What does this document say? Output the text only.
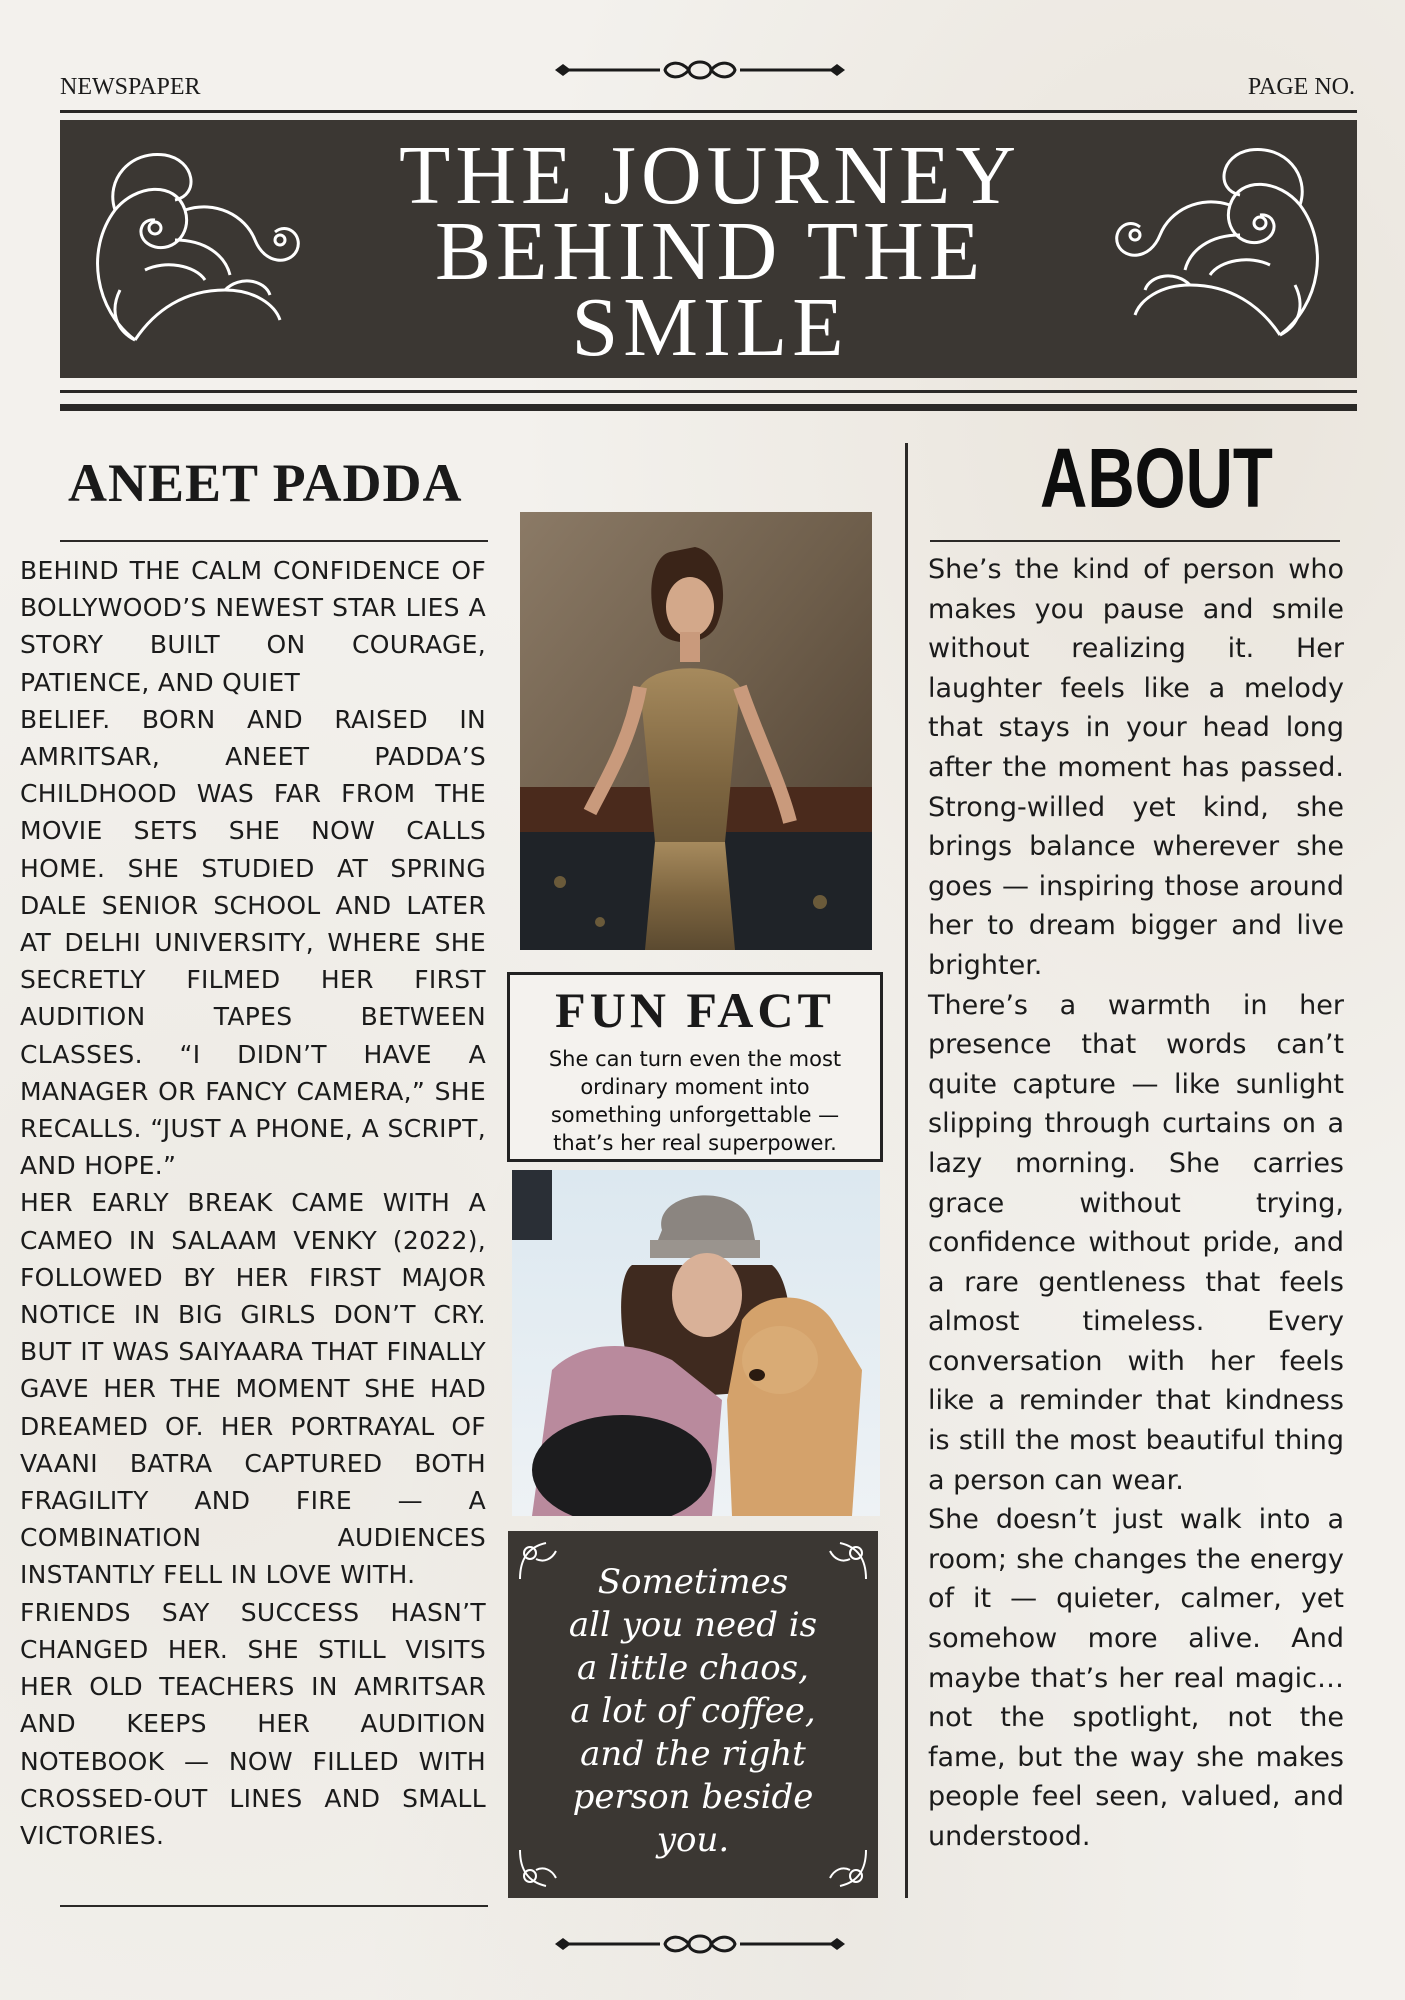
NEWSPAPER	PAGE NO.
THE JOURNEY
BEHIND THE
SMILE
ANEET PADDA

BEHIND THE CALM CONFIDENCE OF BOLLYWOOD’S NEWEST STAR LIES A STORY BUILT ON COURAGE, PATIENCE, AND QUIET

BELIEF. BORN AND RAISED IN AMRITSAR, ANEET PADDA’S CHILDHOOD WAS FAR FROM THE MOVIE SETS SHE NOW CALLS HOME. SHE STUDIED AT SPRING DALE SENIOR SCHOOL AND LATER AT DELHI UNIVERSITY, WHERE SHE SECRETLY FILMED HER FIRST AUDITION TAPES BETWEEN CLASSES. “I DIDN’T HAVE A MANAGER OR FANCY CAMERA,” SHE RECALLS. “JUST A PHONE, A SCRIPT, AND HOPE.”

HER EARLY BREAK CAME WITH A CAMEO IN SALAAM VENKY (2022), FOLLOWED BY HER FIRST MAJOR NOTICE IN BIG GIRLS DON’T CRY. BUT IT WAS SAIYAARA THAT FINALLY GAVE HER THE MOMENT SHE HAD DREAMED OF. HER PORTRAYAL OF VAANI BATRA CAPTURED BOTH FRAGILITY AND FIRE — A COMBINATION AUDIENCES INSTANTLY FELL IN LOVE WITH.

FRIENDS SAY SUCCESS HASN’T CHANGED HER. SHE STILL VISITS HER OLD TEACHERS IN AMRITSAR AND KEEPS HER AUDITION NOTEBOOK — NOW FILLED WITH CROSSED-OUT LINES AND SMALL VICTORIES.

FUN FACT
She can turn even the most ordinary moment into something unforgettable — that’s her real superpower.
Sometimes
all you need is
a little chaos,
a lot of coffee,
and the right
person beside
you.
ABOUT

She’s the kind of person who makes you pause and smile without realizing it. Her laughter feels like a melody that stays in your head long after the moment has passed. Strong-willed yet kind, she brings balance wherever she goes — inspiring those around her to dream bigger and live brighter.

There’s a warmth in her presence that words can’t quite capture — like sunlight slipping through curtains on a lazy morning. She carries grace without trying, confidence without pride, and a rare gentleness that feels almost timeless. Every conversation with her feels like a reminder that kindness is still the most beautiful thing a person can wear.

She doesn’t just walk into a room; she changes the energy of it — quieter, calmer, yet somehow more alive. And maybe that’s her real magic… not the spotlight, not the fame, but the way she makes people feel seen, valued, and understood.
